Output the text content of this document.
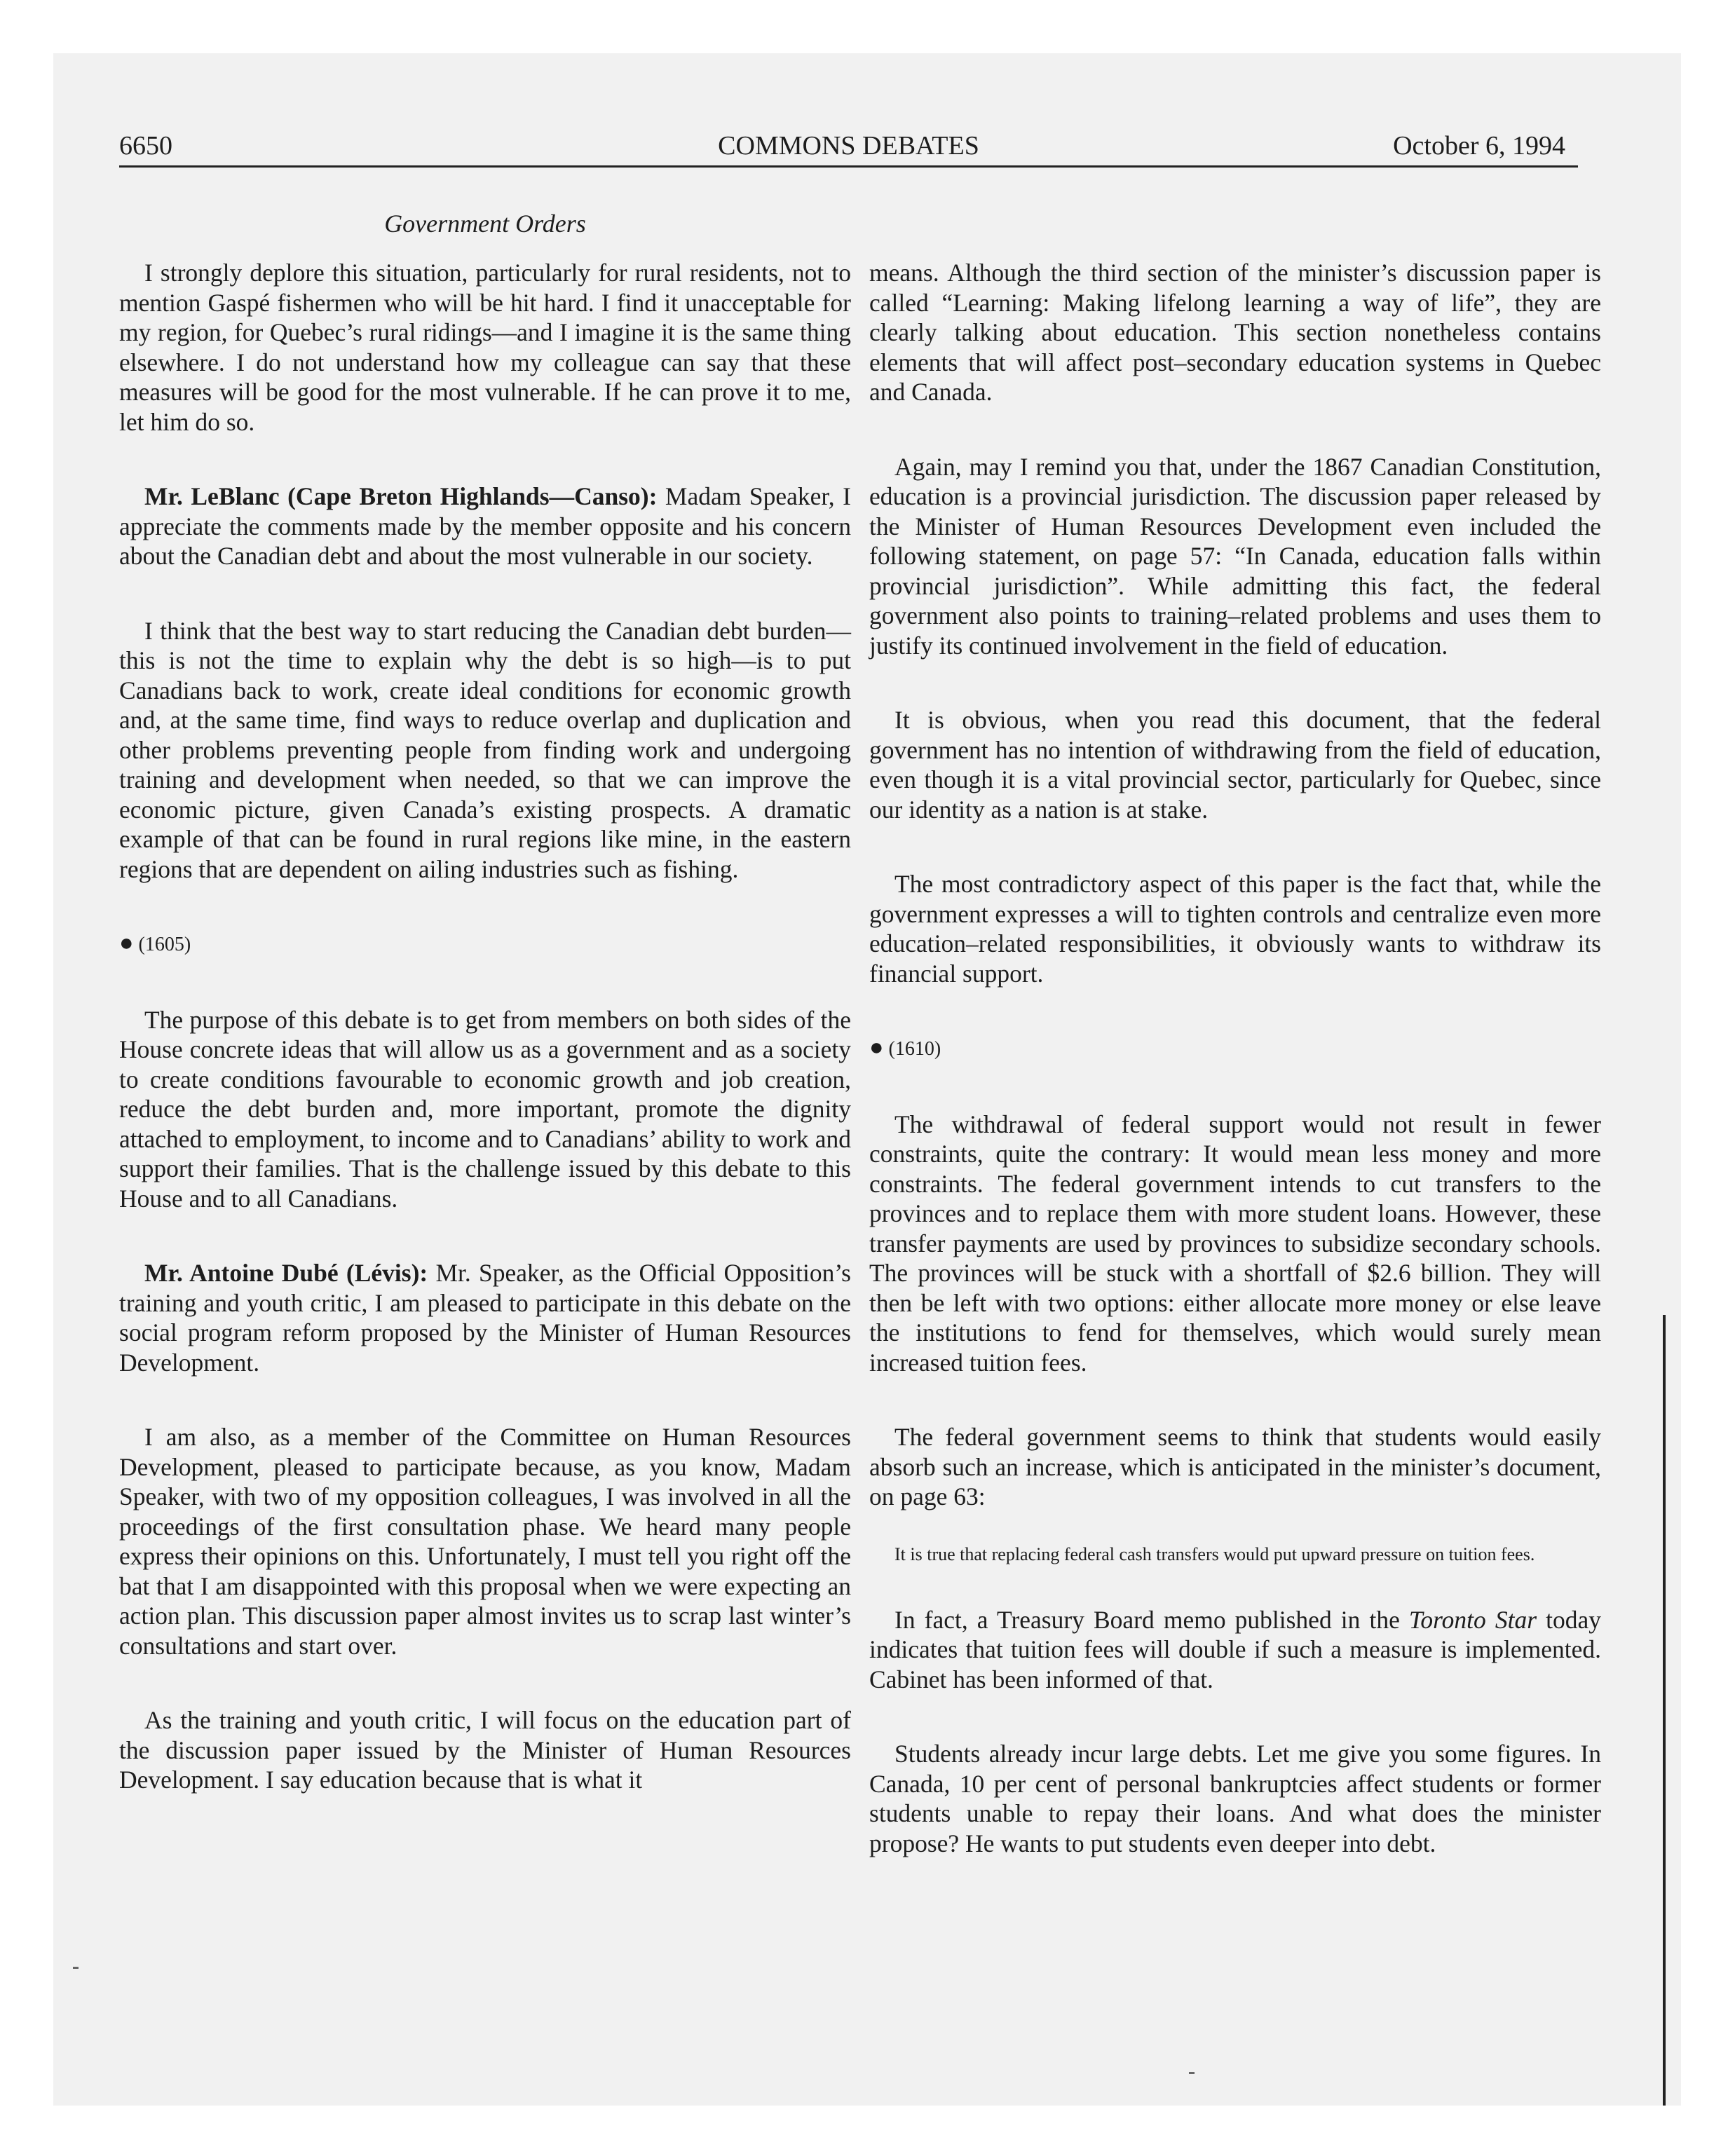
6650	COMMONS DEBATES	October 6, 1994
Government Orders

I strongly deplore this situation, particularly for rural residents, not to mention Gaspé fishermen who will be hit hard. I find it unacceptable for my region, for Quebec’s rural ridings—and I imagine it is the same thing elsewhere. I do not understand how my colleague can say that these measures will be good for the most vulnerable. If he can prove it to me, let him do so.

Mr. LeBlanc (Cape Breton Highlands—Canso): Madam Speaker, I appreciate the comments made by the member opposite and his concern about the Canadian debt and about the most vulnerable in our society.

I think that the best way to start reducing the Canadian debt burden—this is not the time to explain why the debt is so high—is to put Canadians back to work, create ideal conditions for economic growth and, at the same time, find ways to reduce overlap and duplication and other problems preventing people from finding work and undergoing training and development when needed, so that we can improve the economic picture, given Canada’s existing prospects. A dramatic example of that can be found in rural regions like mine, in the eastern regions that are dependent on ailing industries such as fishing.

● (1605)

The purpose of this debate is to get from members on both sides of the House concrete ideas that will allow us as a government and as a society to create conditions favourable to economic growth and job creation, reduce the debt burden and, more important, promote the dignity attached to employment, to income and to Canadians’ ability to work and support their families. That is the challenge issued by this debate to this House and to all Canadians.

Mr. Antoine Dubé (Lévis): Mr. Speaker, as the Official Opposition’s training and youth critic, I am pleased to participate in this debate on the social program reform proposed by the Minister of Human Resources Development.

I am also, as a member of the Committee on Human Resources Development, pleased to participate because, as you know, Madam Speaker, with two of my opposition colleagues, I was involved in all the proceedings of the first consultation phase. We heard many people express their opinions on this. Unfortunately, I must tell you right off the bat that I am disappointed with this proposal when we were expecting an action plan. This discussion paper almost invites us to scrap last winter’s consultations and start over.

As the training and youth critic, I will focus on the education part of the discussion paper issued by the Minister of Human Resources Development. I say education because that is what it

means. Although the third section of the minister’s discussion paper is called “Learning: Making lifelong learning a way of life”, they are clearly talking about education. This section nonetheless contains elements that will affect post–secondary education systems in Quebec and Canada.

Again, may I remind you that, under the 1867 Canadian Constitution, education is a provincial jurisdiction. The discussion paper released by the Minister of Human Resources Development even included the following statement, on page 57: “In Canada, education falls within provincial jurisdiction”. While admitting this fact, the federal government also points to training–related problems and uses them to justify its continued involvement in the field of education.

It is obvious, when you read this document, that the federal government has no intention of withdrawing from the field of education, even though it is a vital provincial sector, particularly for Quebec, since our identity as a nation is at stake.

The most contradictory aspect of this paper is the fact that, while the government expresses a will to tighten controls and centralize even more education–related responsibilities, it obviously wants to withdraw its financial support.

● (1610)

The withdrawal of federal support would not result in fewer constraints, quite the contrary: It would mean less money and more constraints. The federal government intends to cut transfers to the provinces and to replace them with more student loans. However, these transfer payments are used by provinces to subsidize secondary schools. The provinces will be stuck with a shortfall of $2.6 billion. They will then be left with two options: either allocate more money or else leave the institutions to fend for themselves, which would surely mean increased tuition fees.

The federal government seems to think that students would easily absorb such an increase, which is anticipated in the minister’s document, on page 63:

It is true that replacing federal cash transfers would put upward pressure on tuition fees.

In fact, a Treasury Board memo published in the Toronto Star today indicates that tuition fees will double if such a measure is implemented. Cabinet has been informed of that.

Students already incur large debts. Let me give you some figures. In Canada, 10 per cent of personal bankruptcies affect students or former students unable to repay their loans. And what does the minister propose? He wants to put students even deeper into debt.
